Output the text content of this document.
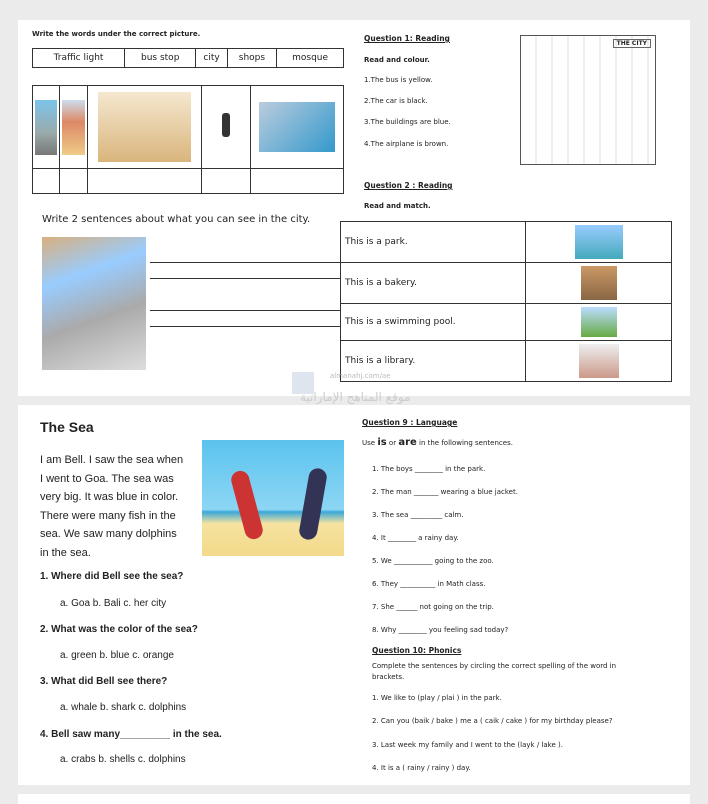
Write the words under the correct picture.
Traffic light	bus stop	city	shops	mosque

Write 2 sentences about what you can see in the city.
Question 1: Reading
Read and colour.
1.The bus is yellow.
2.The car is black.
3.The buildings are blue.
4.The airplane is brown.
THE CITY
Question 2 : Reading
Read and match.
This is a park.	

This is a bakery.	

This is a swimming pool.	

This is a library.	
almanahj.com/ae
موقع المناهج الإماراتية
The Sea
I am Bell. I saw the sea when
I went to Goa. The sea was
very big. It was blue in color.
There were many fish in the
sea. We saw many dolphins
in the sea.
1. Where did Bell see the sea?
a. Goa b. Bali c. her city
2. What was the color of the sea?
a. green b. blue c. orange
3. What did Bell see there?
a. whale b. shark c. dolphins
4. Bell saw many_________ in the sea.
a. crabs b. shells c. dolphins
Question 9 : Language
Use is or are in the following sentences.
1. The boys ________ in the park.
2. The man _______ wearing a blue jacket.
3. The sea _________ calm.
4. It ________ a rainy day.
5. We ___________ going to the zoo.
6. They __________ in Math class.
7. She ______ not going on the trip.
8. Why ________ you feeling sad today?
Question 10: Phonics
Complete the sentences by circling the correct spelling of the word in
brackets.
1. We like to (play / plai ) in the park.
2. Can you (baik / bake ) me a ( caik / cake ) for my birthday please?
3. Last week my family and I went to the (layk / lake ).
4. It is a ( rainy / rainy ) day.
